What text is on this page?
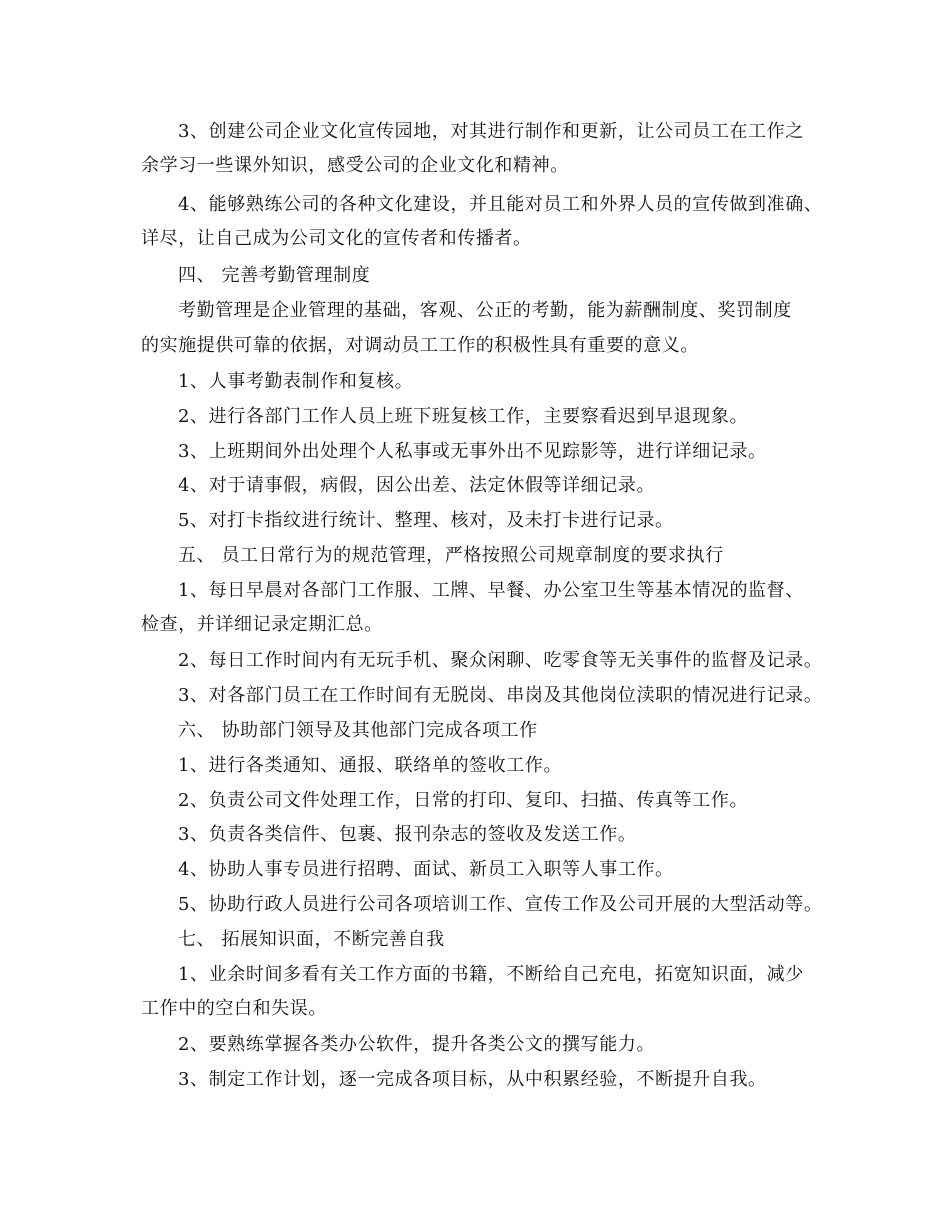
3、创建公司企业文化宣传园地，对其进行制作和更新，让公司员工在工作之
余学习一些课外知识，感受公司的企业文化和精神。
4、能够熟练公司的各种文化建设，并且能对员工和外界人员的宣传做到准确、
详尽，让自己成为公司文化的宣传者和传播者。
四、 完善考勤管理制度
考勤管理是企业管理的基础，客观、公正的考勤，能为薪酬制度、奖罚制度
的实施提供可靠的依据，对调动员工工作的积极性具有重要的意义。
1、人事考勤表制作和复核。
2、进行各部门工作人员上班下班复核工作，主要察看迟到早退现象。
3、上班期间外出处理个人私事或无事外出不见踪影等，进行详细记录。
4、对于请事假，病假，因公出差、法定休假等详细记录。
5、对打卡指纹进行统计、整理、核对，及未打卡进行记录。
五、 员工日常行为的规范管理，严格按照公司规章制度的要求执行
1、每日早晨对各部门工作服、工牌、早餐、办公室卫生等基本情况的监督、
检查，并详细记录定期汇总。
2、每日工作时间内有无玩手机、聚众闲聊、吃零食等无关事件的监督及记录。
3、对各部门员工在工作时间有无脱岗、串岗及其他岗位渎职的情况进行记录。
六、 协助部门领导及其他部门完成各项工作
1、进行各类通知、通报、联络单的签收工作。
2、负责公司文件处理工作，日常的打印、复印、扫描、传真等工作。
3、负责各类信件、包裹、报刊杂志的签收及发送工作。
4、协助人事专员进行招聘、面试、新员工入职等人事工作。
5、协助行政人员进行公司各项培训工作、宣传工作及公司开展的大型活动等。
七、 拓展知识面，不断完善自我
1、业余时间多看有关工作方面的书籍，不断给自己充电，拓宽知识面，减少
工作中的空白和失误。
2、要熟练掌握各类办公软件，提升各类公文的撰写能力。
3、制定工作计划，逐一完成各项目标，从中积累经验，不断提升自我。
